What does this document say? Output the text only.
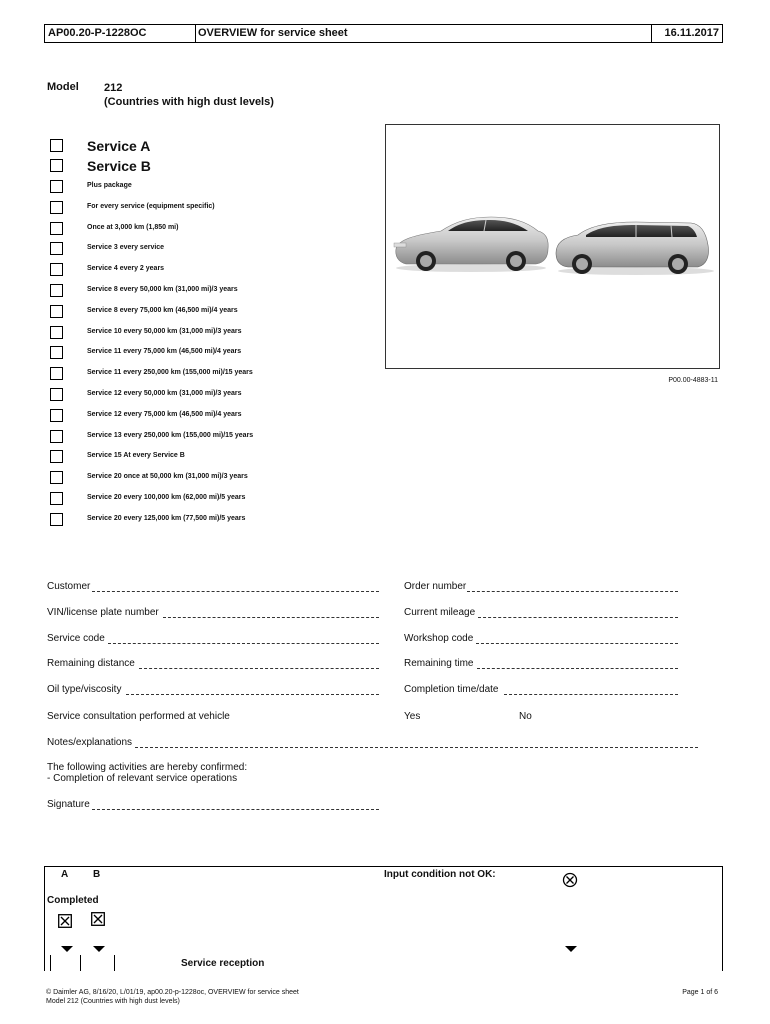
AP00.20-P-1228OC	OVERVIEW for service sheet	16.11.2017
Model 212
(Countries with high dust levels)
Service A
Service B
Plus package
For every service (equipment specific)
Once at 3,000 km (1,850 mi)
Service 3 every service
Service 4 every 2 years
Service 8 every 50,000 km (31,000 mi)/3 years
Service 8 every 75,000 km (46,500 mi)/4 years
Service 10 every 50,000 km (31,000 mi)/3 years
Service 11 every 75,000 km (46,500 mi)/4 years
Service 11 every 250,000 km (155,000 mi)/15 years
Service 12 every 50,000 km (31,000 mi)/3 years
Service 12 every 75,000 km (46,500 mi)/4 years
Service 13 every 250,000 km (155,000 mi)/15 years
Service 15 At every Service B
Service 20 once at 50,000 km (31,000 mi)/3 years
Service 20 every 100,000 km (62,000 mi)/5 years
Service 20 every 125,000 km (77,500 mi)/5 years
P00.00-4883-11
Customer	Order number
VIN/license plate number	Current mileage
Service code	Workshop code
Remaining distance	Remaining time
Oil type/viscosity	Completion time/date
Service consultation performed at vehicle	Yes	No
Notes/explanations
The following activities are hereby confirmed:
- Completion of relevant service operations
Signature
A B	Input condition not OK:
Completed
Service reception
© Daimler AG, 8/16/20, L/01/19, ap00.20-p-1228oc, OVERVIEW for service sheet
Model 212 (Countries with high dust levels)
Page 1 of 6
